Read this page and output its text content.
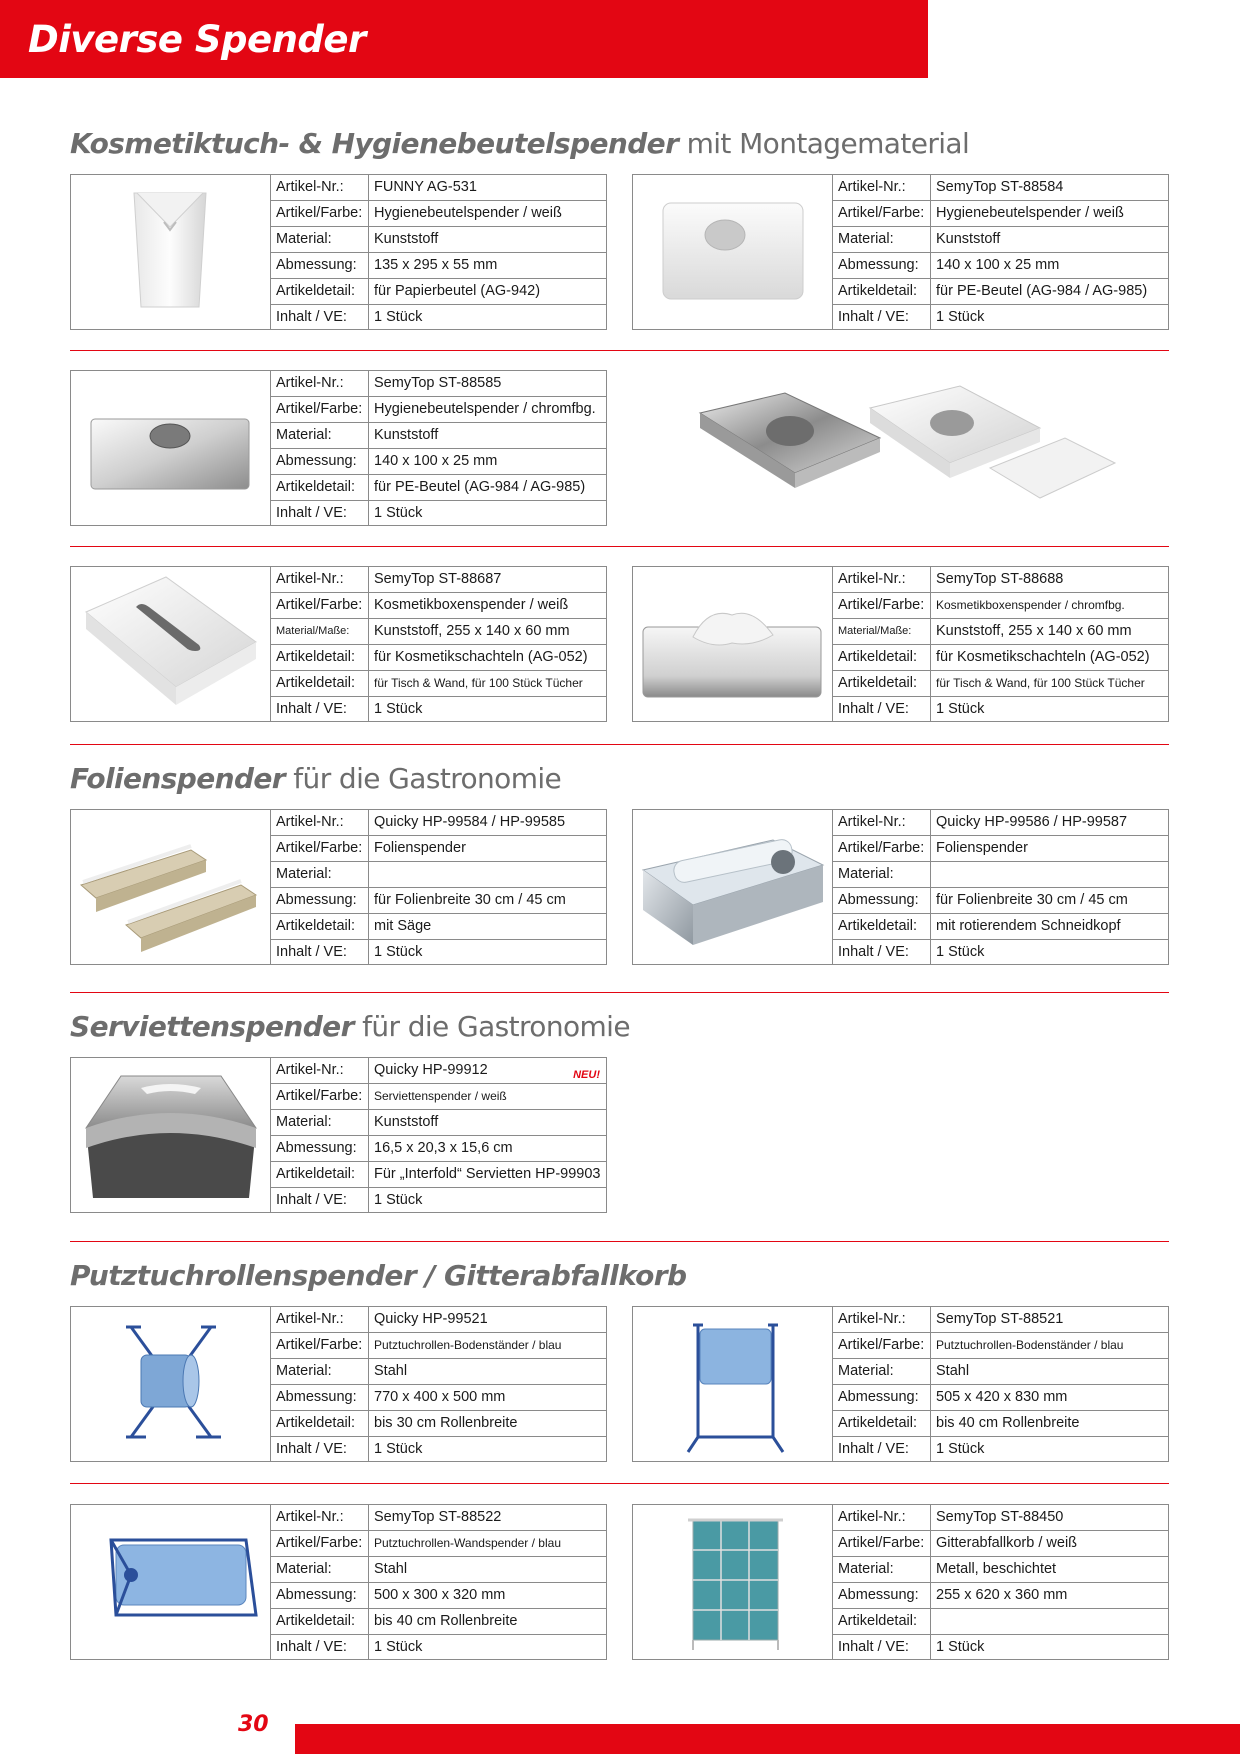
Diverse Spender
Kosmetiktuch- & Hygienebeutelspender mit Montagematerial
Artikel-Nr.:	FUNNY AG-531
Artikel/Farbe:	Hygienebeutelspender / weiß
Material:	Kunststoff
Abmessung:	135 x 295 x 55 mm
Artikeldetail:	für Papierbeutel (AG-942)
Inhalt / VE:	1 Stück
Artikel-Nr.:	SemyTop ST-88584
Artikel/Farbe:	Hygienebeutelspender / weiß
Material:	Kunststoff
Abmessung:	140 x 100 x 25 mm
Artikeldetail:	für PE-Beutel (AG-984 / AG-985)
Inhalt / VE:	1 Stück
Artikel-Nr.:	SemyTop ST-88585
Artikel/Farbe:	Hygienebeutelspender / chromfbg.
Material:	Kunststoff
Abmessung:	140 x 100 x 25 mm
Artikeldetail:	für PE-Beutel (AG-984 / AG-985)
Inhalt / VE:	1 Stück
Artikel-Nr.:	SemyTop ST-88687
Artikel/Farbe:	Kosmetikboxenspender / weiß
Material/Maße:	Kunststoff, 255 x 140 x 60 mm
Artikeldetail:	für Kosmetikschachteln (AG-052)
Artikeldetail:	für Tisch & Wand, für 100 Stück Tücher
Inhalt / VE:	1 Stück
Artikel-Nr.:	SemyTop ST-88688
Artikel/Farbe:	Kosmetikboxenspender / chromfbg.
Material/Maße:	Kunststoff, 255 x 140 x 60 mm
Artikeldetail:	für Kosmetikschachteln (AG-052)
Artikeldetail:	für Tisch & Wand, für 100 Stück Tücher
Inhalt / VE:	1 Stück
Folienspender für die Gastronomie
Artikel-Nr.:	Quicky HP-99584 / HP-99585
Artikel/Farbe:	Folienspender
Material:	
Abmessung:	für Folienbreite 30 cm / 45 cm
Artikeldetail:	mit Säge
Inhalt / VE:	1 Stück
Artikel-Nr.:	Quicky HP-99586 / HP-99587
Artikel/Farbe:	Folienspender
Material:	
Abmessung:	für Folienbreite 30 cm / 45 cm
Artikeldetail:	mit rotierendem Schneidkopf
Inhalt / VE:	1 Stück
Serviettenspender für die Gastronomie
Artikel-Nr.:	Quicky HP-99912 NEU!

Artikel/Farbe:	Serviettenspender / weiß
Material:	Kunststoff
Abmessung:	16,5 x 20,3 x 15,6 cm
Artikeldetail:	Für „Interfold“ Servietten HP-99903
Inhalt / VE:	1 Stück
Putztuchrollenspender / Gitterabfallkorb
Artikel-Nr.:	Quicky HP-99521
Artikel/Farbe:	Putztuchrollen-Bodenständer / blau
Material:	Stahl
Abmessung:	770 x 400 x 500 mm
Artikeldetail:	bis 30 cm Rollenbreite
Inhalt / VE:	1 Stück
Artikel-Nr.:	SemyTop ST-88521
Artikel/Farbe:	Putztuchrollen-Bodenständer / blau
Material:	Stahl
Abmessung:	505 x 420 x 830 mm
Artikeldetail:	bis 40 cm Rollenbreite
Inhalt / VE:	1 Stück
Artikel-Nr.:	SemyTop ST-88522
Artikel/Farbe:	Putztuchrollen-Wandspender / blau
Material:	Stahl
Abmessung:	500 x 300 x 320 mm
Artikeldetail:	bis 40 cm Rollenbreite
Inhalt / VE:	1 Stück
Artikel-Nr.:	SemyTop ST-88450
Artikel/Farbe:	Gitterabfallkorb / weiß
Material:	Metall, beschichtet
Abmessung:	255 x 620 x 360 mm
Artikeldetail:	
Inhalt / VE:	1 Stück
30
